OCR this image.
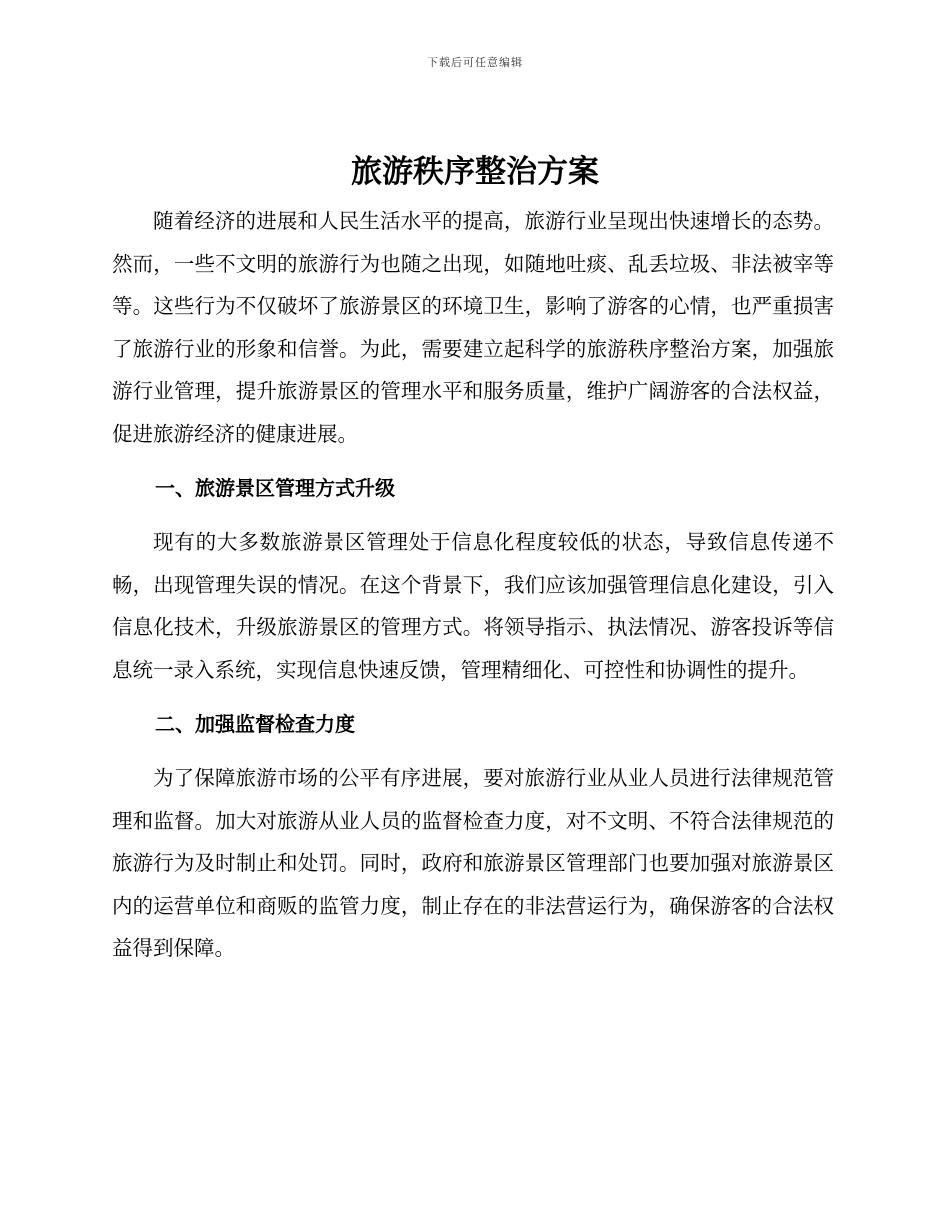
下载后可任意编辑
旅游秩序整治方案

随着经济的进展和人民生活水平的提高，旅游行业呈现出快速增长的态势。然而，一些不文明的旅游行为也随之出现，如随地吐痰、乱丢垃圾、非法被宰等等。这些行为不仅破坏了旅游景区的环境卫生，影响了游客的心情，也严重损害了旅游行业的形象和信誉。为此，需要建立起科学的旅游秩序整治方案，加强旅游行业管理，提升旅游景区的管理水平和服务质量，维护广阔游客的合法权益，促进旅游经济的健康进展。

一、旅游景区管理方式升级

现有的大多数旅游景区管理处于信息化程度较低的状态，导致信息传递不畅，出现管理失误的情况。在这个背景下，我们应该加强管理信息化建设，引入信息化技术，升级旅游景区的管理方式。将领导指示、执法情况、游客投诉等信息统一录入系统，实现信息快速反馈，管理精细化、可控性和协调性的提升。

二、加强监督检查力度

为了保障旅游市场的公平有序进展，要对旅游行业从业人员进行法律规范管理和监督。加大对旅游从业人员的监督检查力度，对不文明、不符合法律规范的旅游行为及时制止和处罚。同时，政府和旅游景区管理部门也要加强对旅游景区内的运营单位和商贩的监管力度，制止存在的非法营运行为，确保游客的合法权益得到保障。
